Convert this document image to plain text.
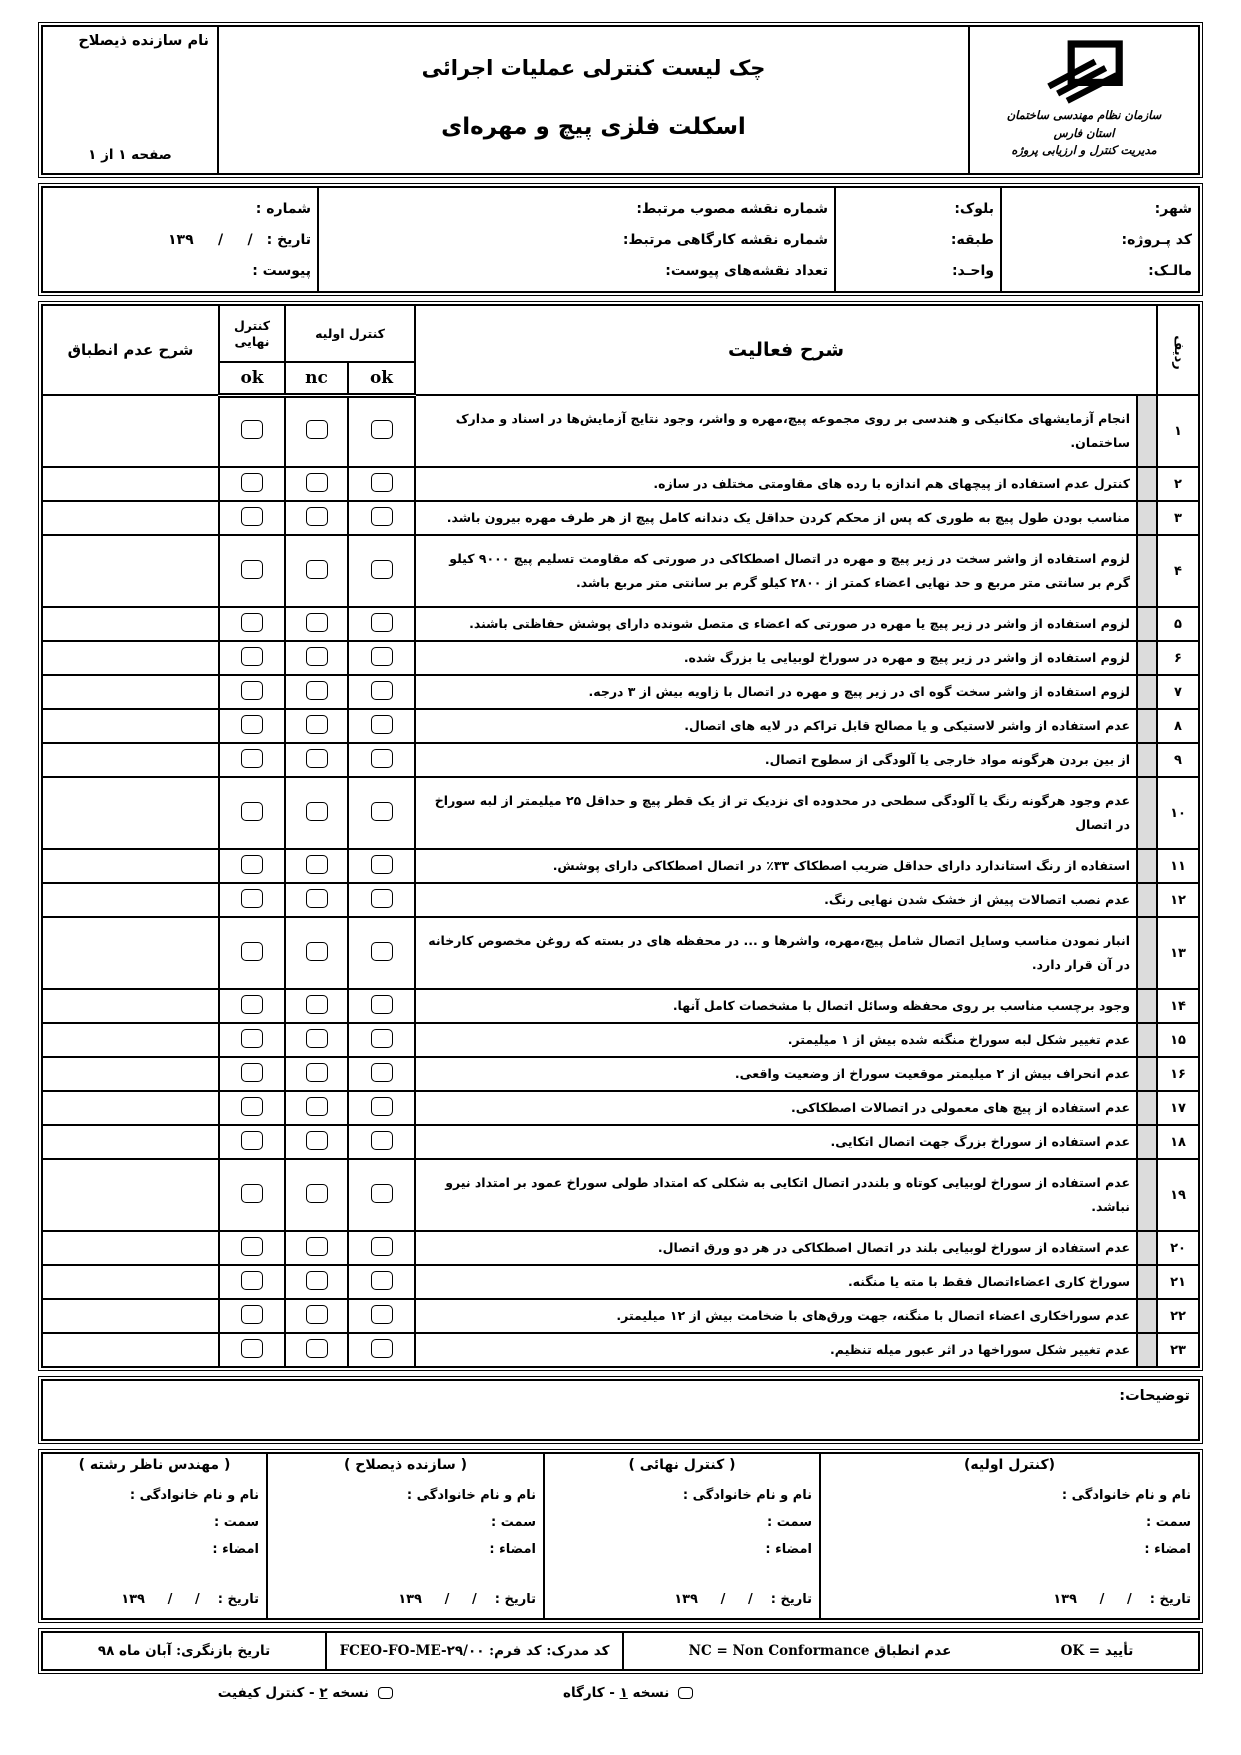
سازمان نظام مهندسی ساختمان
استان فارس
مدیریت کنترل و ارزیابی پروژه
چک لیست کنترلی عملیات اجرائی
اسکلت فلزی پیچ و مهره‌ای
نام سازنده ذیصلاح
صفحه ۱ از ۱
شهر:
کد پـروژه:
مالـک:
بلوک:
طبقه:
واحـد:
شماره نقشه مصوب مرتبط:
شماره نقشه کارگاهی مرتبط:
تعداد نقشه‌های پیوست:
شماره :
تاریخ :
/     /     ۱۳۹
پیوست :
ردیف	شرح فعالیت		کنترل اولیه		کنترل نهایی	شرح عدم انطباق
			ok	nc	ok	
۱		انجام آزمایشهای مکانیکی و هندسی بر روی مجموعه پیچ،مهره و واشر، وجود نتایج آزمایش‌ها در اسناد و مدارک ساختمان.				
۲		کنترل عدم استفاده از پیچهای هم اندازه با رده های مقاومتی مختلف در سازه.				
۳		مناسب بودن طول پیچ به طوری که پس از محکم کردن حداقل یک دندانه کامل پیچ از هر طرف مهره بیرون باشد.				
۴		لزوم استفاده از واشر سخت در زیر پیچ و مهره در اتصال اصطکاکی در صورتی که مقاومت تسلیم پیچ ۹۰۰۰ کیلو گرم بر سانتی متر مربع و حد نهایی اعضاء کمتر از ۲۸۰۰ کیلو گرم بر سانتی متر مربع باشد.				
۵		لزوم استفاده از واشر در زیر پیچ یا مهره در صورتی که اعضاء ی متصل شونده دارای پوشش حفاظتی باشند.				
۶		لزوم استفاده از واشر در زیر پیچ و مهره در سوراخ لوبیایی یا بزرگ شده.				
۷		لزوم استفاده از واشر سخت گوه ای در زیر پیچ و مهره در اتصال با زاویه بیش از ۳ درجه.				
۸		عدم استفاده از واشر لاستیکی و یا مصالح قابل تراکم در لایه های اتصال.				
۹		از بین بردن هرگونه مواد خارجی یا آلودگی از سطوح اتصال.				
۱۰		عدم وجود هرگونه رنگ یا آلودگی سطحی در محدوده ای نزدیک تر از یک قطر پیچ و حداقل ۲۵ میلیمتر از لبه سوراخ در اتصال				
۱۱		استفاده از رنگ استاندارد دارای حداقل ضریب اصطکاک ۳۳٪ در اتصال اصطکاکی دارای پوشش.				
۱۲		عدم نصب اتصالات پیش از خشک شدن نهایی رنگ.				
۱۳		انبار نمودن مناسب وسایل اتصال شامل پیچ،مهره، واشرها و ... در محفظه های در بسته که روغن مخصوص کارخانه در آن قرار دارد.				
۱۴		وجود برچسب مناسب بر روی محفظه وسائل اتصال با مشخصات کامل آنها.				
۱۵		عدم تغییر شکل لبه سوراخ منگنه شده بیش از ۱ میلیمتر.				
۱۶		عدم انحراف بیش از ۲ میلیمتر موقعیت سوراخ از وضعیت واقعی.				
۱۷		عدم استفاده از پیچ های معمولی در اتصالات اصطکاکی.				
۱۸		عدم استفاده از سوراخ بزرگ جهت اتصال اتکایی.				
۱۹		عدم استفاده از سوراخ لوبیایی کوتاه و بلنددر اتصال اتکایی به شکلی که امتداد طولی سوراخ عمود بر امتداد نیرو نباشد.				
۲۰		عدم استفاده از سوراخ لوبیایی بلند در اتصال اصطکاکی در هر دو ورق اتصال.				
۲۱		سوراخ کاری اعضاءاتصال فقط با مته یا منگنه.				
۲۲		عدم سوراخکاری اعضاء اتصال با منگنه، جهت ورق‌های با ضخامت بیش از ۱۲ میلیمتر.				
۲۳		عدم تغییر شکل سوراخها در اثر عبور میله تنظیم.				
توضیحات:
(کنترل اولیه)
نام و نام خانوادگی :
سمت :
امضاء :
تاریخ :
/     /     ۱۳۹
( کنترل نهائی )
نام و نام خانوادگی :
سمت :
امضاء :
تاریخ :
/     /     ۱۳۹
( سازنده ذیصلاح )
نام و نام خانوادگی :
سمت :
امضاء :
تاریخ :
/     /     ۱۳۹
( مهندس ناظر رشته )
نام و نام خانوادگی :
سمت :
امضاء :
تاریخ :
/     /     ۱۳۹
تأیید = OK
عدم انطباق NC = Non Conformance
کد مدرک: کد فرم: FCEO-FO-ME-۲۹/۰۰
تاریخ بازنگری: آبان ماه ۹۸
نسخه ۱ - کارگاه
نسخه ۲ - کنترل کیفیت
